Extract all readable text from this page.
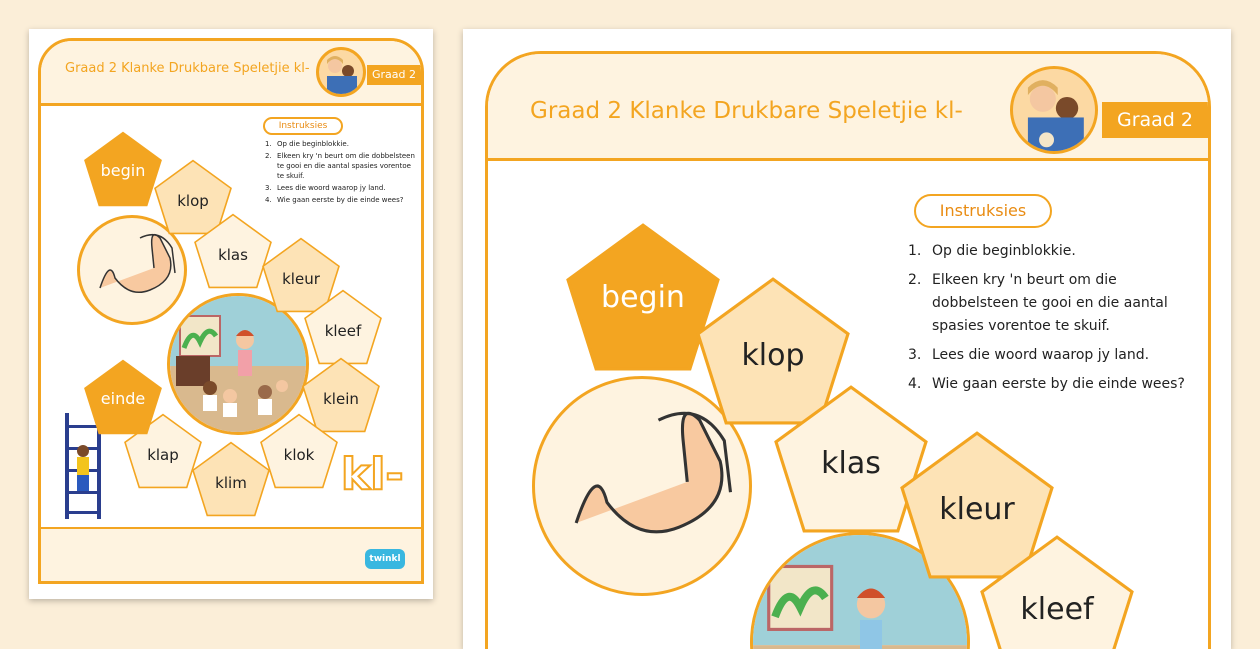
Graad 2 Klanke Drukbare Speletjie kl-	Graad 2
Instruksies
1. Op die beginblokkie.
2. Elkeen kry 'n beurt om die dobbelsteen te gooi en die aantal spasies vorentoe te skuif.
3. Lees die woord waarop jy land.
4. Wie gaan eerste by die einde wees?
begin
klop
klas
kleur
kleef
klein
klok
klim
klap
einde
kl-
twinkl
Graad 2 Klanke Drukbare Speletjie kl-	Graad 2
Instruksies
1. Op die beginblokkie.
2. Elkeen kry 'n beurt om die dobbelsteen te gooi en die aantal spasies vorentoe te skuif.
3. Lees die woord waarop jy land.
4. Wie gaan eerste by die einde wees?
begin
klop
klas
kleur
kleef
